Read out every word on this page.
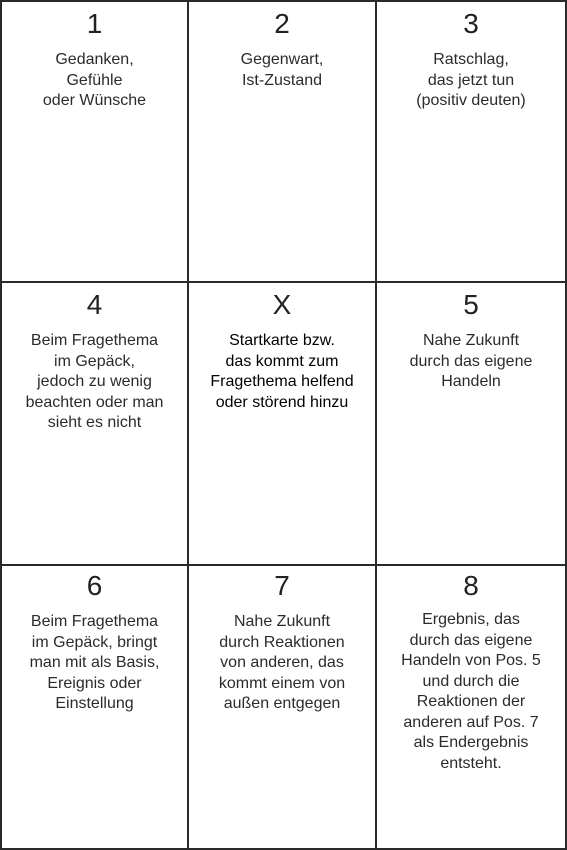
1
Gedanken,
Gefühle
oder Wünsche
2
Gegenwart,
Ist-Zustand
3
Ratschlag,
das jetzt tun
(positiv deuten)
4
Beim Fragethema
im Gepäck,
jedoch zu wenig
beachten oder man
sieht es nicht
X
Startkarte bzw.
das kommt zum
Fragethema helfend
oder störend hinzu
5
Nahe Zukunft
durch das eigene
Handeln
6
Beim Fragethema
im Gepäck, bringt
man mit als Basis,
Ereignis oder
Einstellung
7
Nahe Zukunft
durch Reaktionen
von anderen, das
kommt einem von
außen entgegen
8
Ergebnis, das
durch das eigene
Handeln von Pos. 5
und durch die
Reaktionen der
anderen auf Pos. 7
als Endergebnis
entsteht.
